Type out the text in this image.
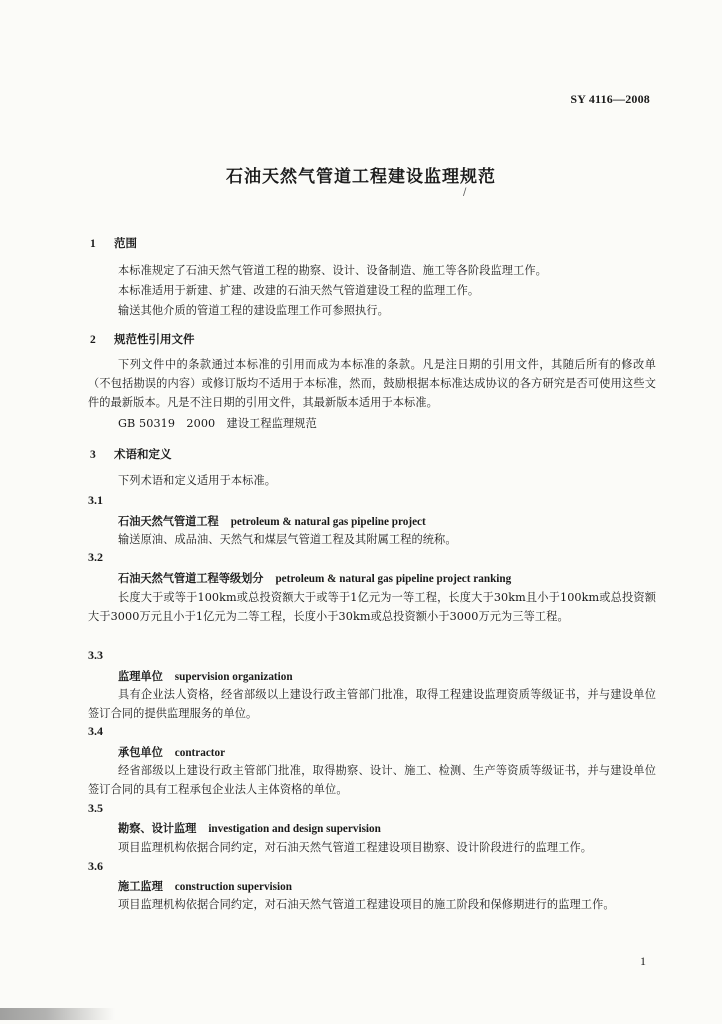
SY 4116—2008
石油天然气管道工程建设监理规范
/
1 范围
本标准规定了石油天然气管道工程的勘察、设计、设备制造、施工等各阶段监理工作。
本标准适用于新建、扩建、改建的石油天然气管道建设工程的监理工作。
输送其他介质的管道工程的建设监理工作可参照执行。
2 规范性引用文件
下列文件中的条款通过本标准的引用而成为本标准的条款。凡是注日期的引用文件，其随后所有的修改单（不包括勘误的内容）或修订版均不适用于本标准，然而，鼓励根据本标准达成协议的各方研究是否可使用这些文件的最新版本。凡是不注日期的引用文件，其最新版本适用于本标准。
GB 50319　2000　建设工程监理规范
3 术语和定义
下列术语和定义适用于本标准。
3.1
石油天然气管道工程 petroleum & natural gas pipeline project
输送原油、成品油、天然气和煤层气管道工程及其附属工程的统称。
3.2
石油天然气管道工程等级划分 petroleum & natural gas pipeline project ranking
长度大于或等于100km或总投资额大于或等于1亿元为一等工程，长度大于30km且小于100km或总投资额大于3000万元且小于1亿元为二等工程，长度小于30km或总投资额小于3000万元为三等工程。
3.3
监理单位 supervision organization
具有企业法人资格，经省部级以上建设行政主管部门批准，取得工程建设监理资质等级证书，并与建设单位签订合同的提供监理服务的单位。
3.4
承包单位 contractor
经省部级以上建设行政主管部门批准，取得勘察、设计、施工、检测、生产等资质等级证书，并与建设单位签订合同的具有工程承包企业法人主体资格的单位。
3.5
勘察、设计监理 investigation and design supervision
项目监理机构依据合同约定，对石油天然气管道工程建设项目勘察、设计阶段进行的监理工作。
3.6
施工监理 construction supervision
项目监理机构依据合同约定，对石油天然气管道工程建设项目的施工阶段和保修期进行的监理工作。
1
